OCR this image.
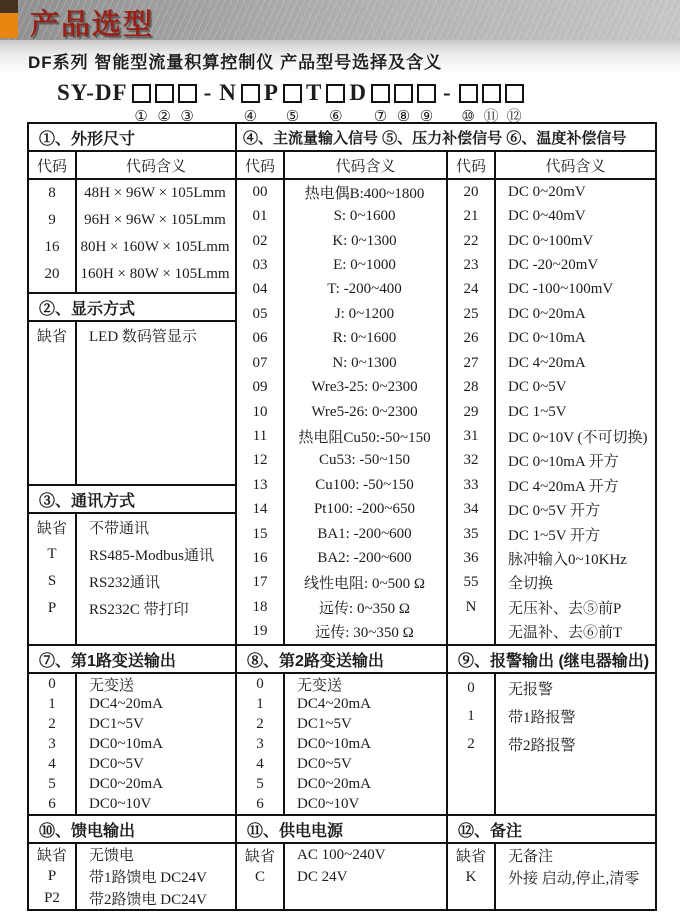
产品选型
DF系列 智能型流量积算控制仪 产品型号选择及含义
SY-DF
① ② ③
- N
④
P
⑤
T
⑥
D
⑦ ⑧ ⑨
-
⑩ ⑪ ⑫
①、外形尺寸	④、主流量输入信号 ⑤、压力补偿信号 ⑥、温度补偿信号
代码	代码含义
8	48H × 96W × 105Lmm
9	96H × 96W × 105Lmm
16	80H × 160W × 105Lmm
20	160H × 80W × 105Lmm
②、显示方式
缺省	LED 数码管显示
③、通讯方式
缺省	不带通讯
T	RS485-Modbus通讯
S	RS232通讯
P	RS232C 带打印
代码	代码含义
00	热电偶B:400~1800
01	S: 0~1600
02	K: 0~1300
03	E: 0~1000
04	T: -200~400
05	J: 0~1200
06	R: 0~1600
07	N: 0~1300
09	Wre3-25: 0~2300
10	Wre5-26: 0~2300
11	热电阻Cu50:-50~150
12	Cu53: -50~150
13	Cu100: -50~150
14	Pt100: -200~650
15	BA1: -200~600
16	BA2: -200~600
17	线性电阻: 0~500 Ω
18	远传: 0~350 Ω
19	远传: 30~350 Ω
代码	代码含义
20	DC 0~20mV
21	DC 0~40mV
22	DC 0~100mV
23	DC -20~20mV
24	DC -100~100mV
25	DC 0~20mA
26	DC 0~10mA
27	DC 4~20mA
28	DC 0~5V
29	DC 1~5V
31	DC 0~10V (不可切换)
32	DC 0~10mA 开方
33	DC 4~20mA 开方
34	DC 0~5V 开方
35	DC 1~5V 开方
36	脉冲输入0~10KHz
55	全切换
N	无压补、去⑤前P
无温补、去⑥前T
⑦、第1路变送输出	⑧、第2路变送输出	⑨、报警输出 (继电器输出)
0	无变送
1	DC4~20mA
2	DC1~5V
3	DC0~10mA
4	DC0~5V
5	DC0~20mA
6	DC0~10V
0	无变送
1	DC4~20mA
2	DC1~5V
3	DC0~10mA
4	DC0~5V
5	DC0~20mA
6	DC0~10V
0	无报警
1	带1路报警
2	带2路报警
⑩、馈电输出	⑪、供电电源	⑫、备注
缺省	无馈电
P	带1路馈电 DC24V
P2	带2路馈电 DC24V
缺省	AC 100~240V
C	DC 24V
缺省	无备注
K	外接 启动,停止,清零
